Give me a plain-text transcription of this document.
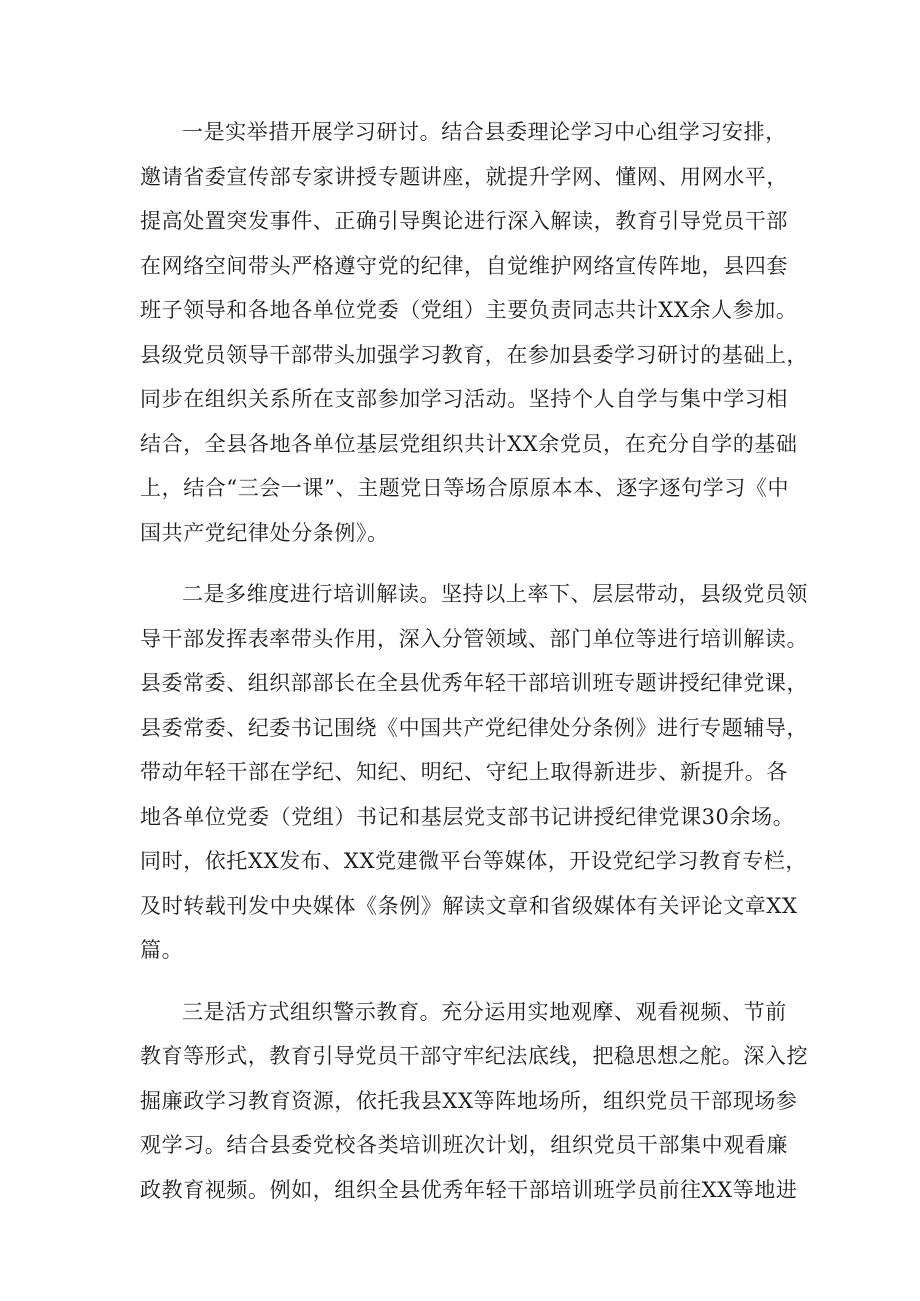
一是实举措开展学习研讨。结合县委理论学习中心组学习安排，
邀请省委宣传部专家讲授专题讲座，就提升学网、懂网、用网水平，
提高处置突发事件、正确引导舆论进行深入解读，教育引导党员干部
在网络空间带头严格遵守党的纪律，自觉维护网络宣传阵地，县四套
班子领导和各地各单位党委（党组）主要负责同志共计XX余人参加。
县级党员领导干部带头加强学习教育，在参加县委学习研讨的基础上，
同步在组织关系所在支部参加学习活动。坚持个人自学与集中学习相
结合，全县各地各单位基层党组织共计XX余党员，在充分自学的基础
上，结合“三会一课”、主题党日等场合原原本本、逐字逐句学习《中
国共产党纪律处分条例》。
二是多维度进行培训解读。坚持以上率下、层层带动，县级党员领
导干部发挥表率带头作用，深入分管领域、部门单位等进行培训解读。
县委常委、组织部部长在全县优秀年轻干部培训班专题讲授纪律党课，
县委常委、纪委书记围绕《中国共产党纪律处分条例》进行专题辅导，
带动年轻干部在学纪、知纪、明纪、守纪上取得新进步、新提升。各
地各单位党委（党组）书记和基层党支部书记讲授纪律党课30余场。
同时，依托XX发布、XX党建微平台等媒体，开设党纪学习教育专栏，
及时转载刊发中央媒体《条例》解读文章和省级媒体有关评论文章XX
篇。
三是活方式组织警示教育。充分运用实地观摩、观看视频、节前
教育等形式，教育引导党员干部守牢纪法底线，把稳思想之舵。深入挖
掘廉政学习教育资源，依托我县XX等阵地场所，组织党员干部现场参
观学习。结合县委党校各类培训班次计划，组织党员干部集中观看廉
政教育视频。例如，组织全县优秀年轻干部培训班学员前往XX等地进
